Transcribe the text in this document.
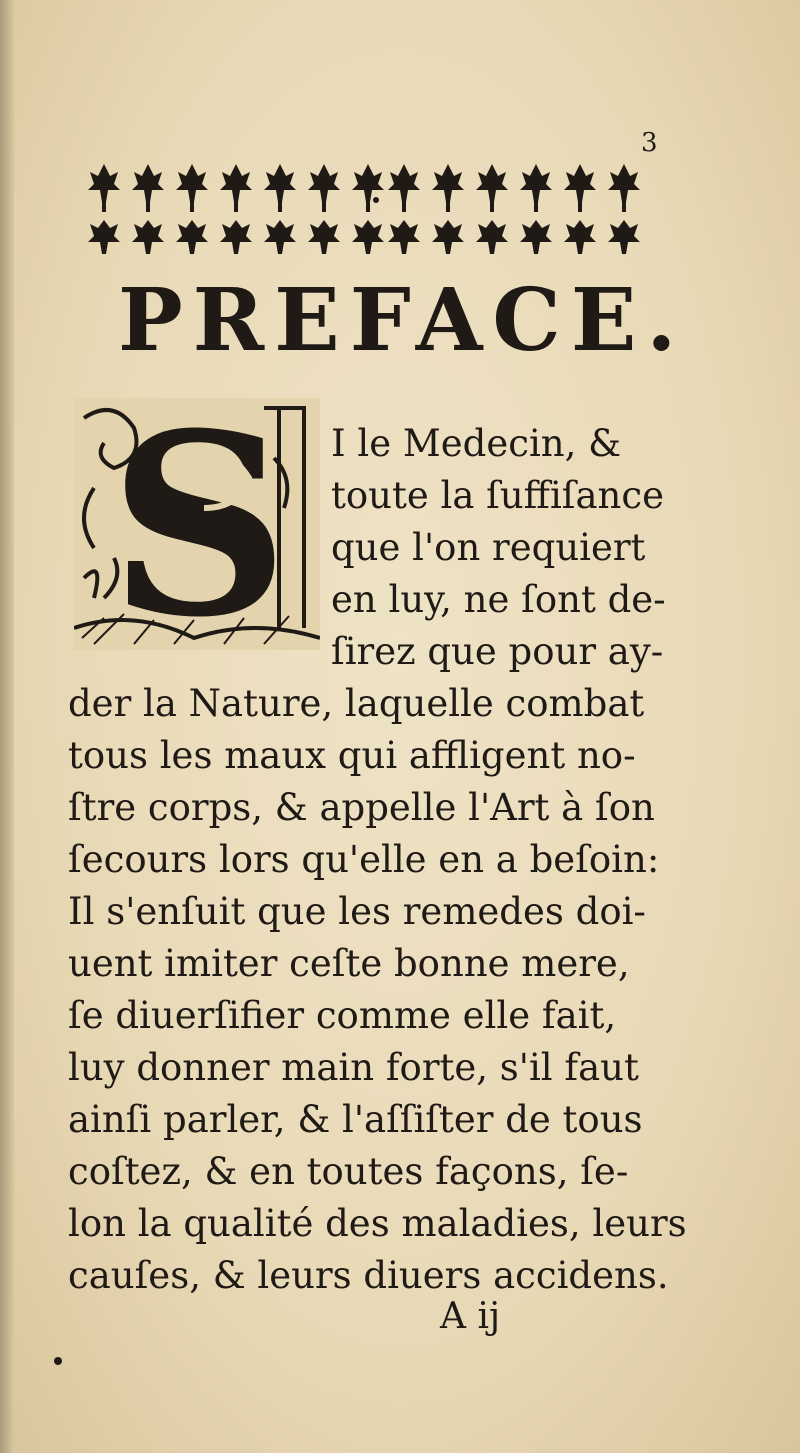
3
PREFACE.
S I le Medecin, &
toute la ſuffiſance
que l'on requiert
en luy, ne ſont de-
ſirez que pour ay-
der la Nature, laquelle combat
tous les maux qui affligent no-
ſtre corps, & appelle l'Art à ſon
ſecours lors qu'elle en a beſoin:
Il s'enſuit que les remedes doi-
uent imiter ceſte bonne mere,
ſe diuerſifier comme elle fait,
luy donner main forte, s'il faut
ainſi parler, & l'aſſiſter de tous
coſtez, & en toutes façons, ſe-
lon la qualité des maladies, leurs
cauſes, & leurs diuers accidens.
A ij
